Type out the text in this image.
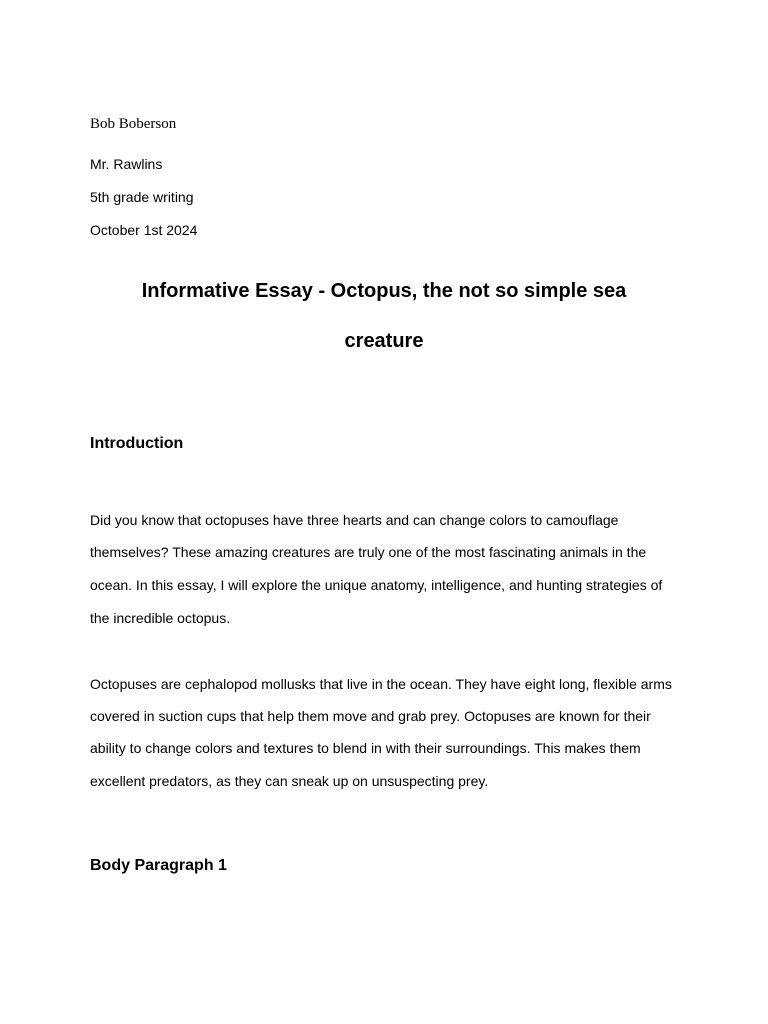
Bob Boberson
Mr. Rawlins
5th grade writing
October 1st 2024
Informative Essay - Octopus, the not so simple sea
creature
Introduction
Did you know that octopuses have three hearts and can change colors to camouflage
themselves? These amazing creatures are truly one of the most fascinating animals in the
ocean. In this essay, I will explore the unique anatomy, intelligence, and hunting strategies of
the incredible octopus.
Octopuses are cephalopod mollusks that live in the ocean. They have eight long, flexible arms
covered in suction cups that help them move and grab prey. Octopuses are known for their
ability to change colors and textures to blend in with their surroundings. This makes them
excellent predators, as they can sneak up on unsuspecting prey.
Body Paragraph 1
